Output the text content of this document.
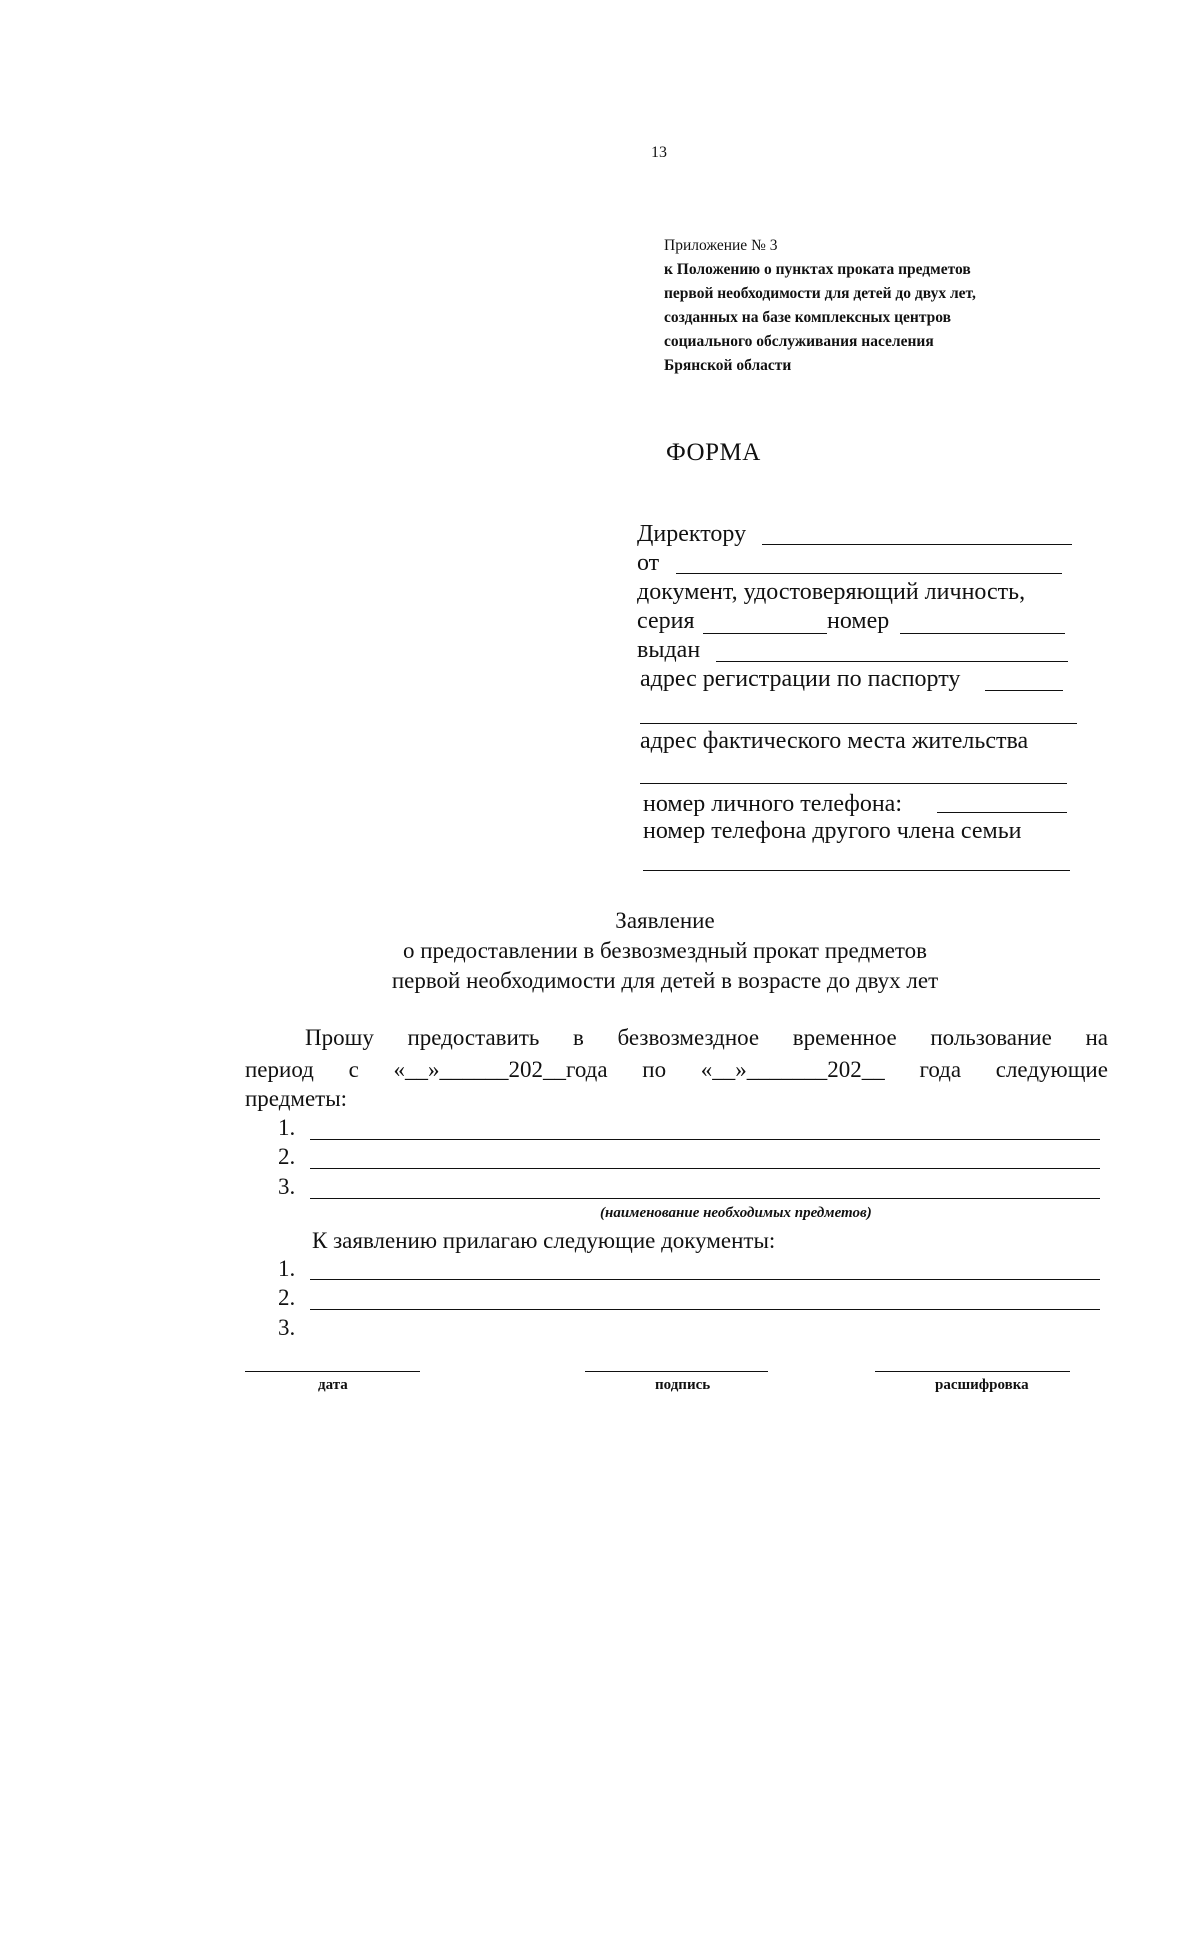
13
Приложение № 3
к Положению о пунктах проката предметов
первой необходимости для детей до двух лет,
созданных на базе комплексных центров
социального обслуживания населения
Брянской области
ФОРМА
Директору
от
документ, удостоверяющий личность,
серия	номер
выдан
адрес регистрации по паспорту
адрес фактического места жительства
номер личного телефона:
номер телефона другого члена семьи
Заявление
о предоставлении в безвозмездный прокат предметов
первой необходимости для детей в возрасте до двух лет
Прошу предоставить в безвозмездное временное пользование на
период с «__»______202__года по «__»_______202__ года следующие
предметы:
1.
2.
3.
(наименование необходимых предметов)
К заявлению прилагаю следующие документы:
1.
2.
3.
дата	подпись	расшифровка
